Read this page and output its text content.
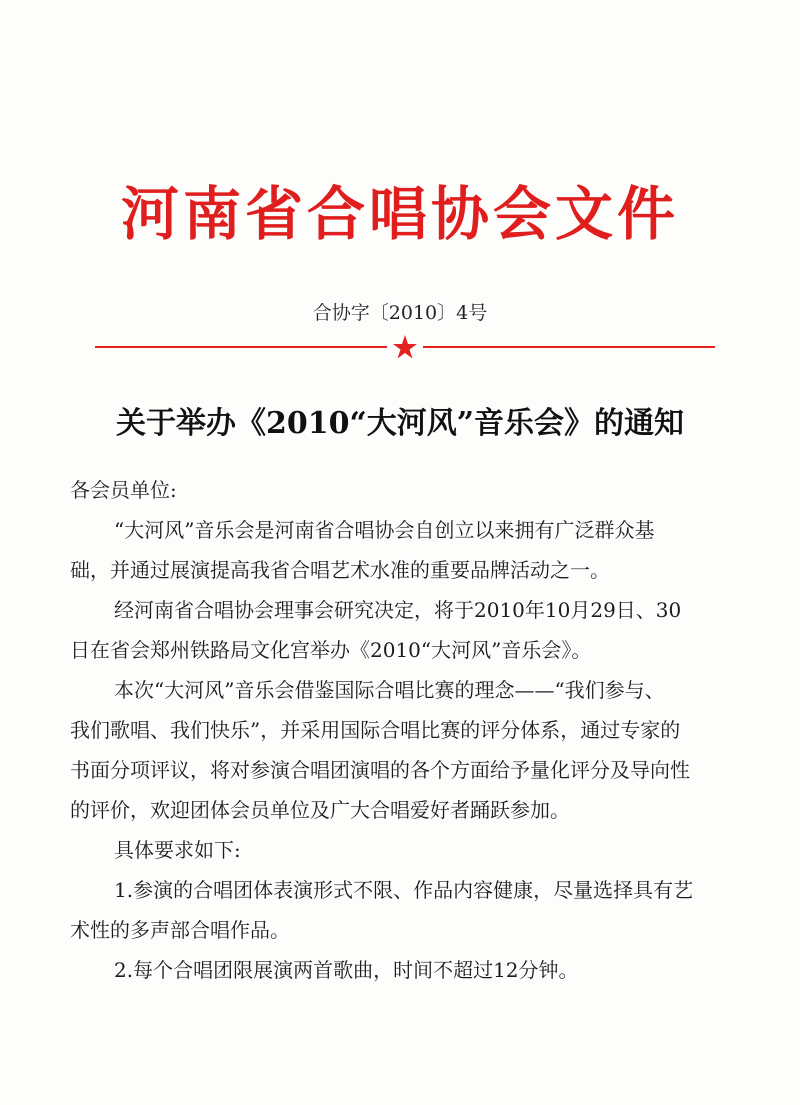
河南省合唱协会文件
合协字〔2010〕4号
关于举办《2010“大河风”音乐会》的通知
各会员单位:
“大河风”音乐会是河南省合唱协会自创立以来拥有广泛群众基
础，并通过展演提高我省合唱艺术水准的重要品牌活动之一。
经河南省合唱协会理事会研究决定，将于2010年10月29日、30
日在省会郑州铁路局文化宫举办《2010“大河风”音乐会》。
本次“大河风”音乐会借鉴国际合唱比赛的理念——“我们参与、
我们歌唱、我们快乐”，并采用国际合唱比赛的评分体系，通过专家的
书面分项评议，将对参演合唱团演唱的各个方面给予量化评分及导向性
的评价，欢迎团体会员单位及广大合唱爱好者踊跃参加。
具体要求如下:
1.参演的合唱团体表演形式不限、作品内容健康，尽量选择具有艺
术性的多声部合唱作品。
2.每个合唱团限展演两首歌曲，时间不超过12分钟。
